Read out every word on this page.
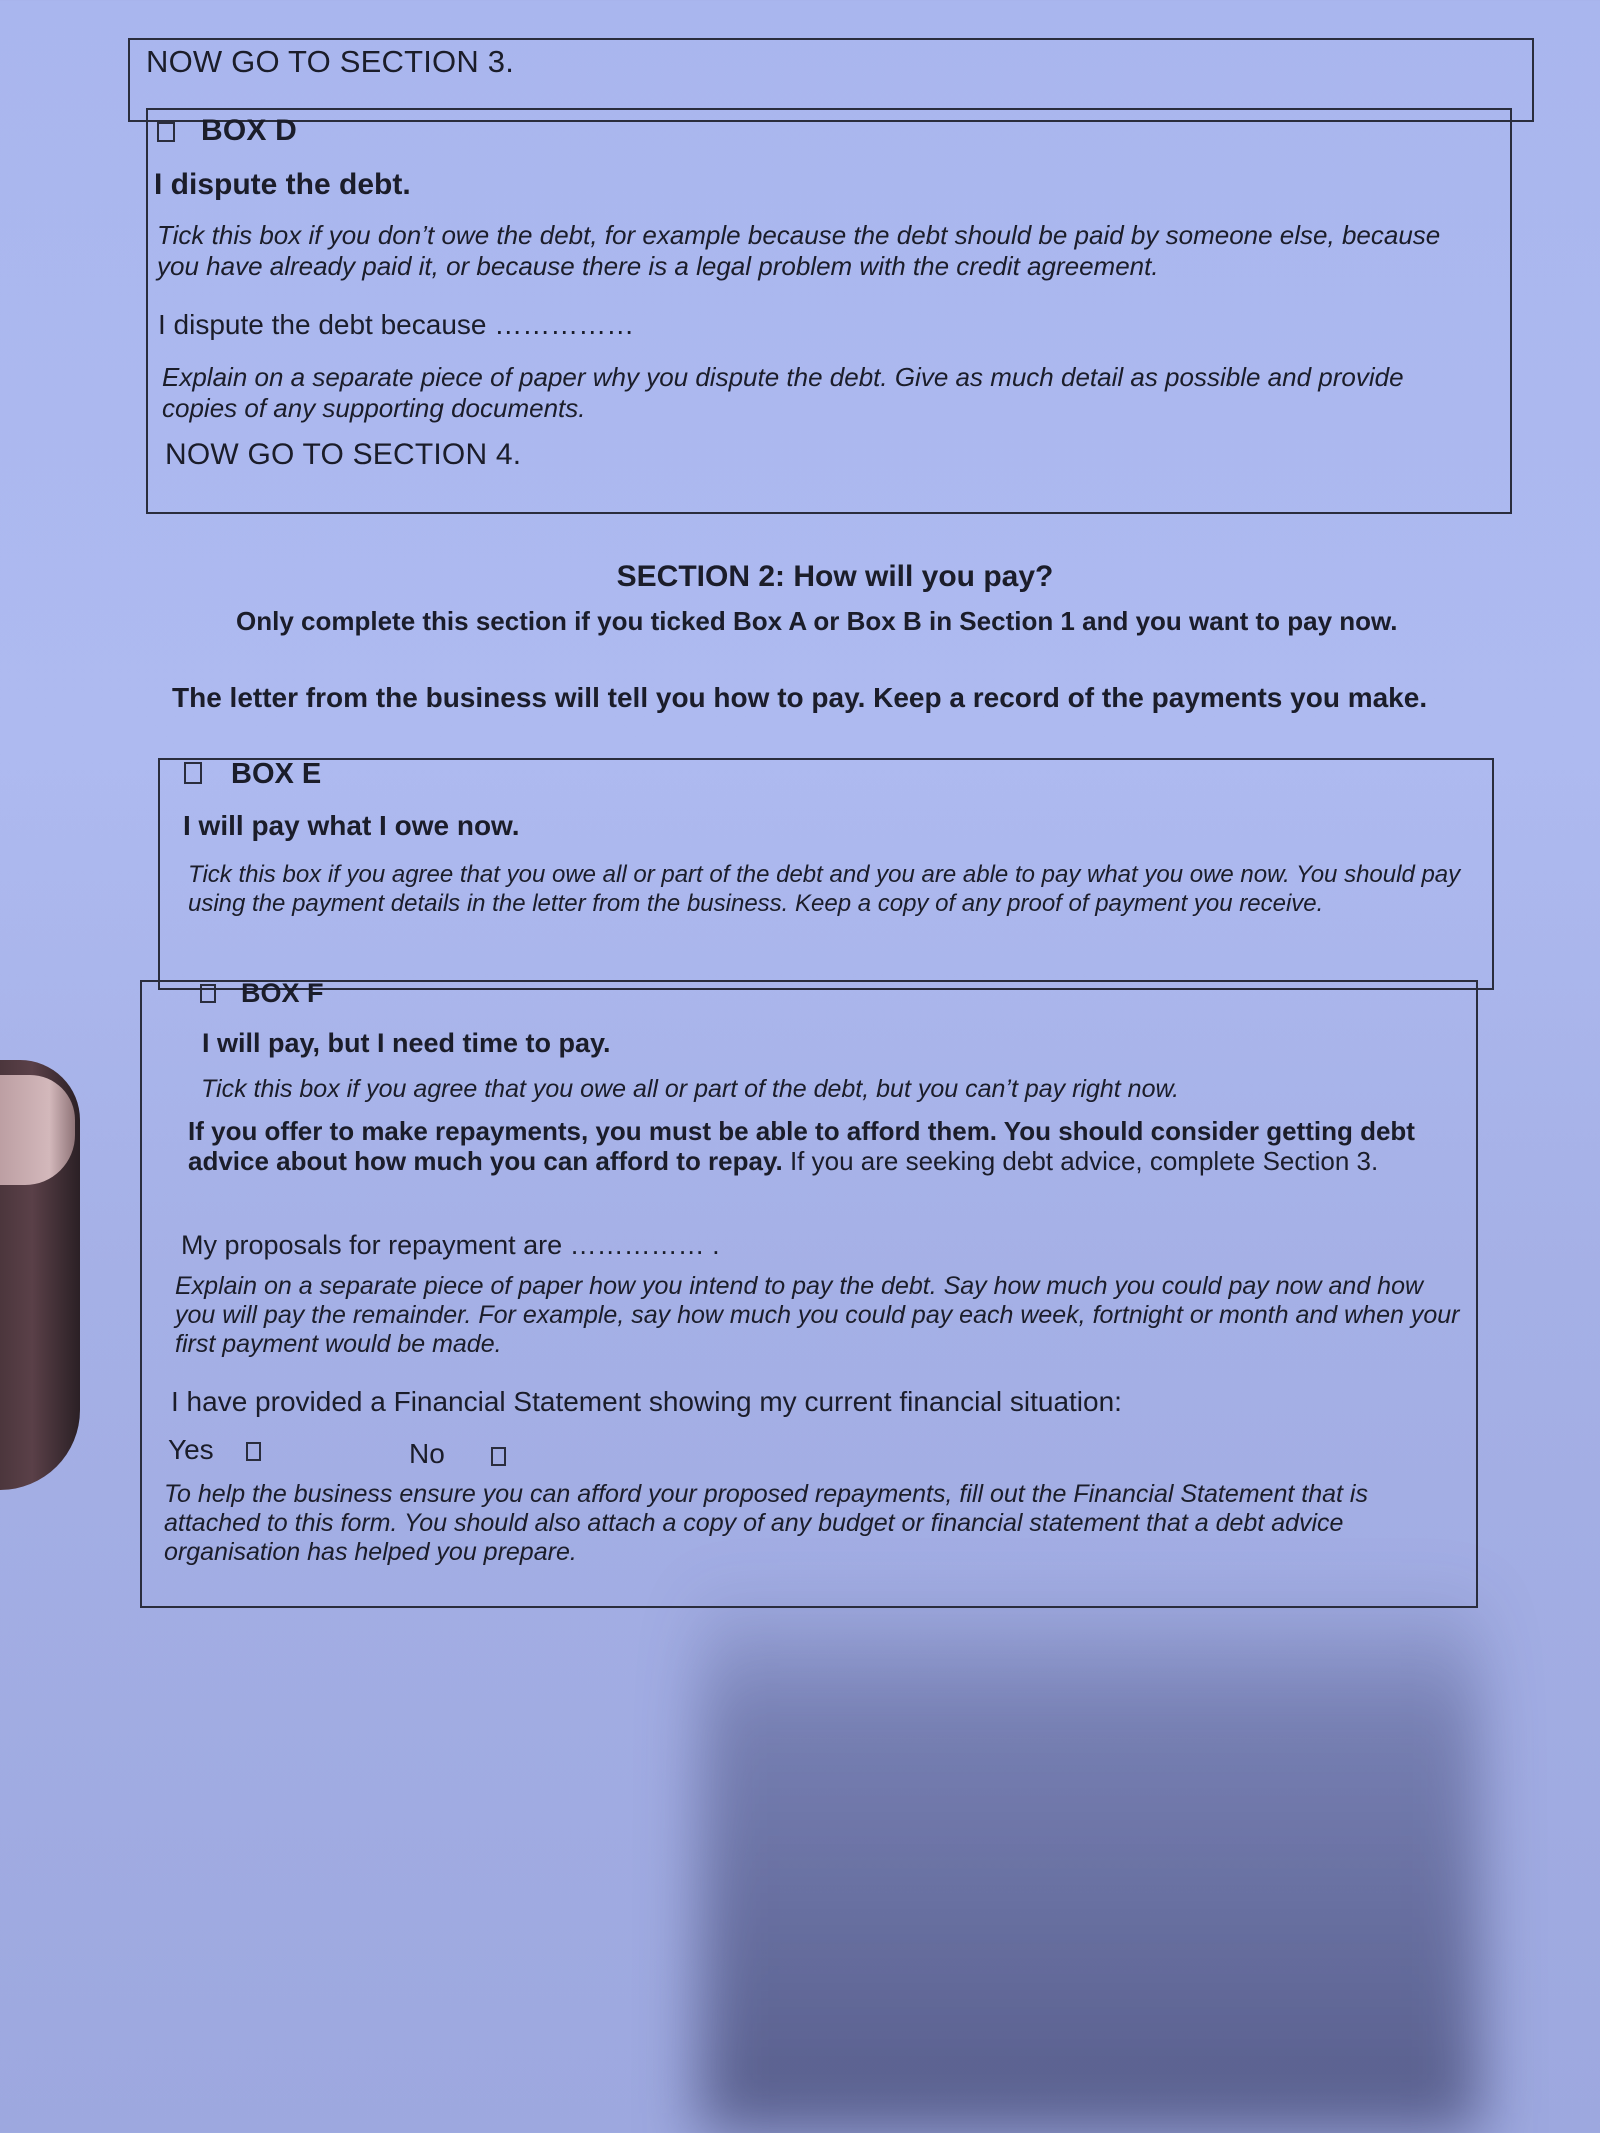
NOW GO TO SECTION 3.
BOX D
I dispute the debt.
Tick this box if you don’t owe the debt, for example because the debt should be paid by someone else, because you have already paid it, or because there is a legal problem with the credit agreement.
I dispute the debt because ……………
Explain on a separate piece of paper why you dispute the debt. Give as much detail as possible and provide copies of any supporting documents.
NOW GO TO SECTION 4.
SECTION 2: How will you pay?
Only complete this section if you ticked Box A or Box B in Section 1 and you want to pay now.
The letter from the business will tell you how to pay. Keep a record of the payments you make.
BOX E
I will pay what I owe now.
Tick this box if you agree that you owe all or part of the debt and you are able to pay what you owe now. You should pay using the payment details in the letter from the business. Keep a copy of any proof of payment you receive.
BOX F
I will pay, but I need time to pay.
Tick this box if you agree that you owe all or part of the debt, but you can’t pay right now.
If you offer to make repayments, you must be able to afford them. You should consider getting debt advice about how much you can afford to repay. If you are seeking debt advice, complete Section 3.
My proposals for repayment are …………… .
Explain on a separate piece of paper how you intend to pay the debt. Say how much you could pay now and how you will pay the remainder. For example, say how much you could pay each week, fortnight or month and when your first payment would be made.
I have provided a Financial Statement showing my current financial situation:
Yes	No
To help the business ensure you can afford your proposed repayments, fill out the Financial Statement that is attached to this form. You should also attach a copy of any budget or financial statement that a debt advice organisation has helped you prepare.
